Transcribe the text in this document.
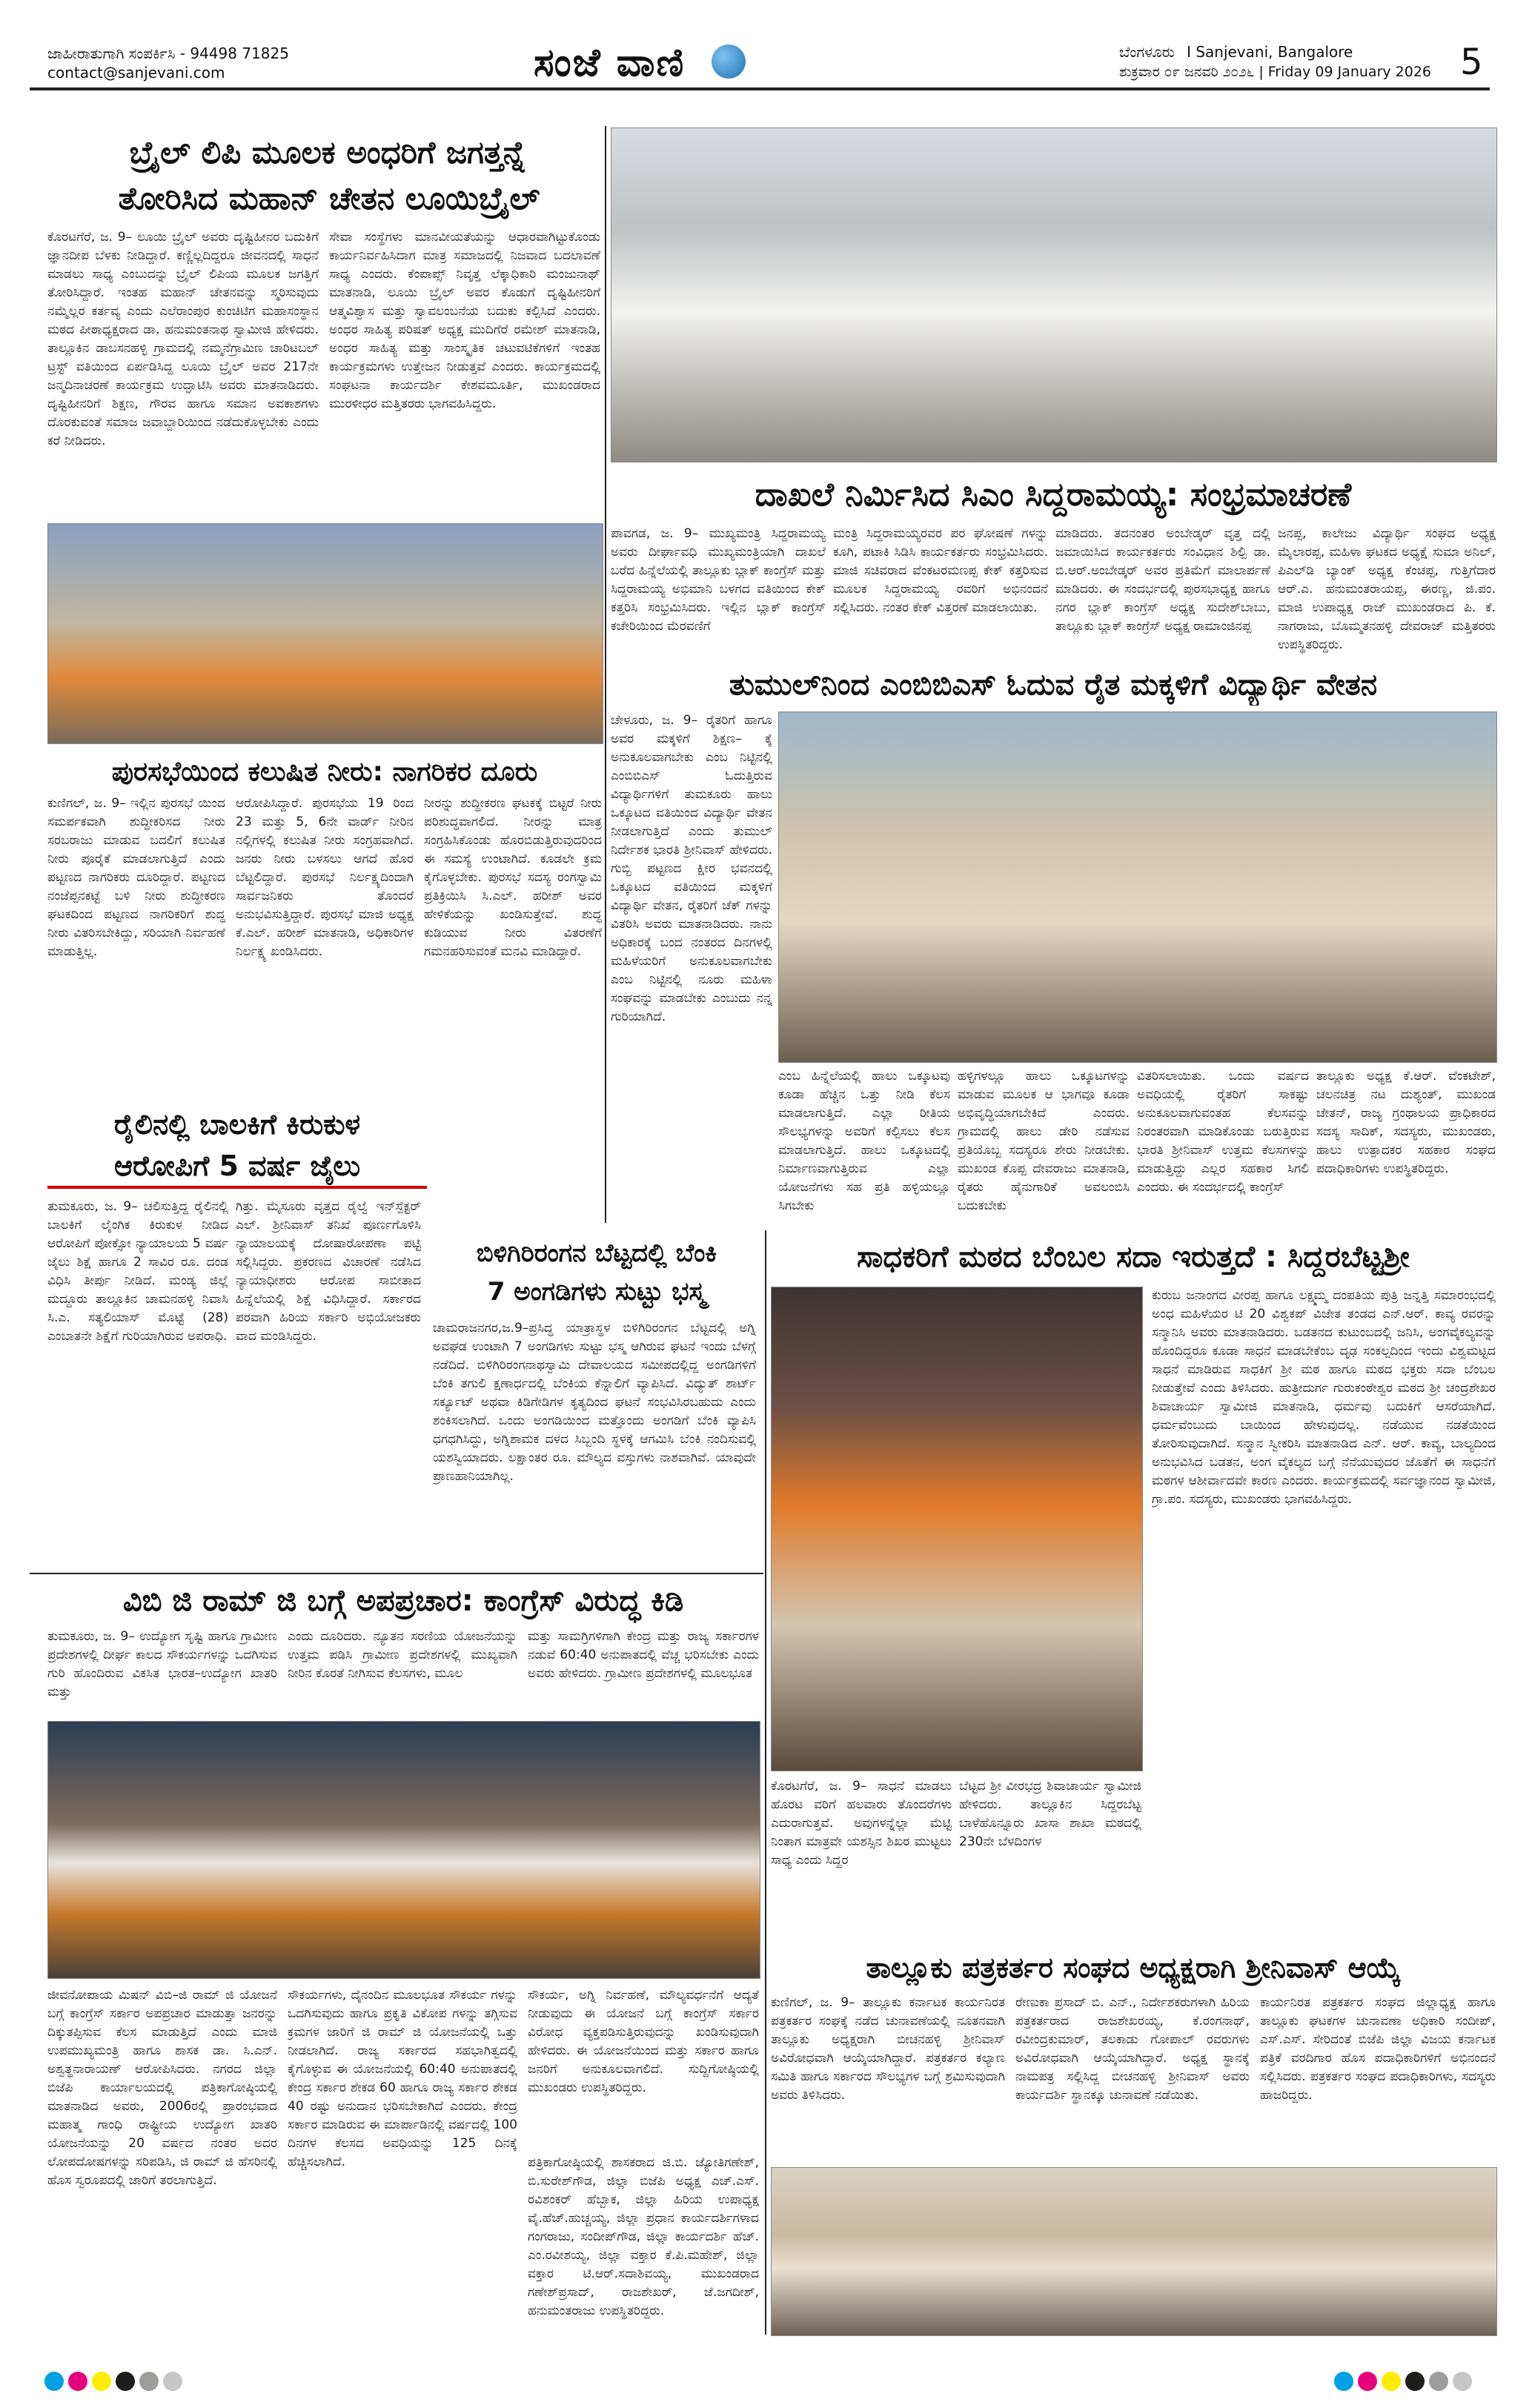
ಜಾಹೀರಾತುಗಾಗಿ ಸಂಪರ್ಕಿಸಿ - 94498 71825
contact@sanjevani.com	ಸಂಜೆ ವಾಣಿ	ಬೆಂಗಳೂರು I Sanjevani, Bangalore
ಶುಕ್ರವಾರ ೦೯ ಜನವರಿ ೨೦೨೬ | Friday 09 January 2026 5
ಬ್ರೈಲ್ ಲಿಪಿ ಮೂಲಕ ಅಂಧರಿಗೆ ಜಗತ್ತನ್ನೆ
ತೋರಿಸಿದ ಮಹಾನ್ ಚೇತನ ಲೂಯಿಬ್ರೈಲ್
ಕೊರಟಗೆರೆ, ಜ. 9– ಲೂಯಿ ಬ್ರೈಲ್ ಅವರು ದೃಷ್ಟಿಹೀನರ ಬದುಕಿಗೆ ಜ್ಞಾನದೀಪ ಬೆಳಕು ನೀಡಿದ್ದಾರೆ. ಕಣ್ಣಿಲ್ಲದಿದ್ದರೂ ಜೀವನದಲ್ಲಿ ಸಾಧನೆ ಮಾಡಲು ಸಾಧ್ಯ ಎಂಬುದನ್ನು ಬ್ರೈಲ್ ಲಿಪಿಯ ಮೂಲಕ ಜಗತ್ತಿಗೆ ತೋರಿಸಿದ್ದಾರೆ. ಇಂತಹ ಮಹಾನ್ ಚೇತನವನ್ನು ಸ್ಮರಿಸುವುದು ನಮ್ಮೆಲ್ಲರ ಕರ್ತವ್ಯ ಎಂದು ಎಲೆರಾಂಪುರ ಕುಂಚಿಟಿಗ ಮಹಾಸಂಸ್ಥಾನ ಮಠದ ಪೀಠಾಧ್ಯಕ್ಷರಾದ ಡಾ. ಹನುಮಂತನಾಥ ಸ್ವಾಮೀಜಿ ಹೇಳಿದರು. ತಾಲ್ಲೂಕಿನ ಡಾಬಸನಹಳ್ಳಿ ಗ್ರಾಮದಲ್ಲಿ ನಮ್ಮನೆಗ್ರಾಮಿಣ ಚಾರಿಟಬಲ್ ಟ್ರಸ್ಟ್ ವತಿಯಿಂದ ಏರ್ಪಡಿಸಿದ್ದ ಲೂಯಿ ಬ್ರೈಲ್ ಅವರ 217ನೇ ಜನ್ಮದಿನಾಚರಣೆ ಕಾರ್ಯಕ್ರಮ ಉದ್ಘಾಟಿಸಿ ಅವರು ಮಾತನಾಡಿದರು. ದೃಷ್ಟಿಹೀನರಿಗೆ ಶಿಕ್ಷಣ, ಗೌರವ ಹಾಗೂ ಸಮಾನ ಅವಕಾಶಗಳು ದೊರಕುವಂತೆ ಸಮಾಜ ಜವಾಬ್ದಾರಿಯಿಂದ ನಡೆದುಕೊಳ್ಳಬೇಕು ಎಂದು ಕರೆ ನೀಡಿದರು.
ಸೇವಾ ಸಂಸ್ಥೆಗಳು ಮಾನವೀಯತೆಯನ್ನು ಆಧಾರವಾಗಿಟ್ಟುಕೊಂಡು ಕಾರ್ಯನಿರ್ವಹಿಸಿದಾಗ ಮಾತ್ರ ಸಮಾಜದಲ್ಲಿ ನಿಜವಾದ ಬದಲಾವಣೆ ಸಾಧ್ಯ ಎಂದರು. ಕೆಂಪಾಪ್ಸ್ ನಿವೃತ್ತ ಲೆಕ್ಕಾಧಿಕಾರಿ ಮಂಜುನಾಥ್ ಮಾತನಾಡಿ, ಲೂಯಿ ಬ್ರೈಲ್ ಅವರ ಕೊಡುಗೆ ದೃಷ್ಟಿಹೀನರಿಗೆ ಆತ್ಮವಿಶ್ವಾಸ ಮತ್ತು ಸ್ವಾವಲಂಬನೆಯ ಬದುಕು ಕಲ್ಪಿಸಿದೆ ಎಂದರು. ಅಂಧರ ಸಾಹಿತ್ಯ ಪರಿಷತ್ ಅಧ್ಯಕ್ಷ ಮುದಿಗೆರೆ ರಮೇಶ್ ಮಾತನಾಡಿ, ಅಂಧರ ಸಾಹಿತ್ಯ ಮತ್ತು ಸಾಂಸ್ಕೃತಿಕ ಚಟುವಟಿಕೆಗಳಿಗೆ ಇಂತಹ ಕಾರ್ಯಕ್ರಮಗಳು ಉತ್ತೇಜನ ನೀಡುತ್ತವೆ ಎಂದರು. ಕಾರ್ಯಕ್ರಮದಲ್ಲಿ ಸಂಘಟನಾ ಕಾರ್ಯದರ್ಶಿ ಕೇಶವಮೂರ್ತಿ, ಮುಖಂಡರಾದ ಮುರಳೀಧರ ಮತ್ತಿತರರು ಭಾಗವಹಿಸಿದ್ದರು.
ದಾಖಲೆ ನಿರ್ಮಿಸಿದ ಸಿಎಂ ಸಿದ್ದರಾಮಯ್ಯ: ಸಂಭ್ರಮಾಚರಣೆ
ಪಾವಗಡ, ಜ. 9– ಮುಖ್ಯಮಂತ್ರಿ ಸಿದ್ದರಾಮಯ್ಯ ಅವರು ದೀರ್ಘಾವಧಿ ಮುಖ್ಯಮಂತ್ರಿಯಾಗಿ ದಾಖಲೆ ಬರೆದ ಹಿನ್ನೆಲೆಯಲ್ಲಿ ತಾಲ್ಲೂಕು ಬ್ಲಾಕ್ ಕಾಂಗ್ರೆಸ್ ಮತ್ತು ಸಿದ್ದರಾಮಯ್ಯ ಅಭಿಮಾನಿ ಬಳಗದ ವತಿಯಿಂದ ಕೇಕ್ ಕತ್ತರಿಸಿ ಸಂಭ್ರಮಿಸಿದರು. ಇಲ್ಲಿನ ಬ್ಲಾಕ್ ಕಾಂಗ್ರೆಸ್ ಕಚೇರಿಯಿಂದ ಮೆರವಣಿಗೆ
ಮಂತ್ರಿ ಸಿದ್ದರಾಮಯ್ಯರವರ ಪರ ಘೋಷಣೆ ಗಳನ್ನು ಕೂಗಿ, ಪಟಾಕಿ ಸಿಡಿಸಿ ಕಾರ್ಯಕರ್ತರು ಸಂಭ್ರಮಿಸಿದರು. ಮಾಜಿ ಸಚಿವರಾದ ವೆಂಕಟರಮಣಪ್ಪ ಕೇಕ್ ಕತ್ತರಿಸುವ ಮೂಲಕ ಸಿದ್ದರಾಮಯ್ಯ ರವರಿಗೆ ಅಭಿನಂದನೆ ಸಲ್ಲಿಸಿದರು. ನಂತರ ಕೇಕ್ ವಿತ್ತರಣೆ ಮಾಡಲಾಯಿತು.
ಮಾಡಿದರು. ತದನಂತರ ಅಂಬೇಡ್ಕರ್ ವೃತ್ತ ದಲ್ಲಿ ಜಮಾಯಿಸಿದ ಕಾರ್ಯಕರ್ತರು ಸಂವಿಧಾನ ಶಿಲ್ಪಿ ಡಾ. ಬಿ.ಆರ್.ಅಂಬೇಡ್ಕರ್ ಅವರ ಪ್ರತಿಮೆಗೆ ಮಾಲಾರ್ಪಣೆ ಮಾಡಿದರು. ಈ ಸಂದರ್ಭದಲ್ಲಿ ಪುರಸಭಾಧ್ಯಕ್ಷ ಹಾಗೂ ನಗರ ಬ್ಲಾಕ್ ಕಾಂಗ್ರೆಸ್ ಅಧ್ಯಕ್ಷ ಸುದೇಶ್‌ಬಾಬು, ತಾಲ್ಲೂಕು ಬ್ಲಾಕ್ ಕಾಂಗ್ರೆಸ್ ಅಧ್ಯಕ್ಷ ರಾಮಾಂಜಿನಪ್ಪ
ಜನಪ್ಪ, ಕಾಲೇಜು ವಿದ್ಯಾರ್ಥಿ ಸಂಘದ ಅಧ್ಯಕ್ಷ ಮೈಲಾರಪ್ಪ, ಮಹಿಳಾ ಘಟಕದ ಅಧ್ಯಕ್ಷೆ ಸುಮಾ ಅನಿಲ್, ಪಿಎಲ್‌ಡಿ ಬ್ಯಾಂಕ್ ಅಧ್ಯಕ್ಷ ಕೆಂಚಪ್ಪ, ಗುತ್ತಿಗೆದಾರ ಆರ್.ಎ. ಹನುಮಂತರಾಯಪ್ಪ, ಈರಣ್ಣ, ಜಿ.ಪಂ. ಮಾಜಿ ಉಪಾಧ್ಯಕ್ಷ ರಾಜ್ ಮುಖಂಡರಾದ ಪಿ. ಕೆ. ನಾಗರಾಜು, ಬೊಮ್ಮತನಹಳ್ಳಿ ದೇವರಾಜ್ ಮತ್ತಿತರರು ಉಪಸ್ಥಿತರಿದ್ದರು.
ತುಮುಲ್‌ನಿಂದ ಎಂಬಿಬಿಎಸ್ ಓದುವ ರೈತ ಮಕ್ಕಳಿಗೆ ವಿದ್ಯಾರ್ಥಿ ವೇತನ
ಚೇಳೂರು, ಜ. 9– ರೈತರಿಗೆ ಹಾಗೂ ಅವರ ಮಕ್ಕಳಿಗೆ ಶಿಕ್ಷಣ– ಕ್ಕೆ ಅನುಕೂಲವಾಗಬೇಕು ಎಂಬ ನಿಟ್ಟಿನಲ್ಲಿ ಎಂಬಿಬಿಎಸ್ ಓದುತ್ತಿರುವ ವಿದ್ಯಾರ್ಥಿಗಳಿಗೆ ತುಮಕೂರು ಹಾಲು ಒಕ್ಕೂಟದ ವತಿಯಿಂದ ವಿದ್ಯಾರ್ಥಿ ವೇತನ ನೀಡಲಾಗುತ್ತಿದೆ ಎಂದು ತುಮುಲ್ ನಿರ್ದೇಶಕ ಭಾರತಿ ಶ್ರೀನಿವಾಸ್ ಹೇಳಿದರು. ಗುಬ್ಬಿ ಪಟ್ಟಣದ ಕ್ಷೀರ ಭವನದಲ್ಲಿ ಒಕ್ಕೂಟದ ವತಿಯಿಂದ ಮಕ್ಕಳಿಗೆ ವಿದ್ಯಾರ್ಥಿ ವೇತನ, ರೈತರಿಗೆ ಚೆಕ್ ಗಳನ್ನು ವಿತರಿಸಿ ಅವರು ಮಾತನಾಡಿದರು. ನಾನು ಅಧಿಕಾರಕ್ಕೆ ಬಂದ ನಂತರದ ದಿನಗಳಲ್ಲಿ ಮಹಿಳೆಯರಿಗೆ ಅನುಕೂಲವಾಗಬೇಕು ಎಂಬ ನಿಟ್ಟಿನಲ್ಲಿ ನೂರು ಮಹಿಳಾ ಸಂಘವನ್ನು ಮಾಡಬೇಕು ಎಂಬುದು ನನ್ನ ಗುರಿಯಾಗಿದೆ.
ಎಂಬ ಹಿನ್ನೆಲೆಯಲ್ಲಿ ಹಾಲು ಒಕ್ಕೂಟವು ಕೂಡಾ ಹೆಚ್ಚಿನ ಒತ್ತು ನೀಡಿ ಕೆಲಸ ಮಾಡಲಾಗುತ್ತಿದೆ. ಎಲ್ಲಾ ರೀತಿಯ ಸೌಲಭ್ಯಗಳನ್ನು ಅವರಿಗೆ ಕಲ್ಪಿಸಲು ಕೆಲಸ ಮಾಡಲಾಗುತ್ತಿದೆ. ಹಾಲು ಒಕ್ಕೂಟದಲ್ಲಿ ನಿರ್ಮಾಣವಾಗುತ್ತಿರುವ ಎಲ್ಲಾ ಯೋಜನೆಗಳು ಸಹ ಪ್ರತಿ ಹಳ್ಳಿಯಲ್ಲೂ ಸಿಗಬೇಕು
ಹಳ್ಳಿಗಳಲ್ಲೂ ಹಾಲು ಒಕ್ಕೂಟಗಳನ್ನು ಮಾಡುವ ಮೂಲಕ ಆ ಭಾಗವೂ ಕೂಡಾ ಅಭಿವೃದ್ಧಿಯಾಗಬೇಕಿದೆ ಎಂದರು. ಗ್ರಾಮದಲ್ಲಿ ಹಾಲು ಡೇರಿ ನಡೆಸುವ ಪ್ರತಿಯೊಬ್ಬ ಸದಸ್ಯರೂ ಶೇರು ನೀಡಬೇಕು. ಮುಖಂಡ ಕೊಪ್ಪ ದೇವರಾಜು ಮಾತನಾಡಿ, ರೈತರು ಹೈನುಗಾರಿಕೆ ಅವಲಂಬಿಸಿ ಬದುಕಬೇಕು
ವಿತರಿಸಲಾಯಿತು. ಒಂದು ವರ್ಷದ ಅವಧಿಯಲ್ಲಿ ರೈತರಿಗೆ ಸಾಕಷ್ಟು ಅನುಕೂಲವಾಗುವಂತಹ ಕೆಲಸವನ್ನು ನಿರಂತರವಾಗಿ ಮಾಡಿಕೊಂಡು ಬರುತ್ತಿರುವ ಭಾರತಿ ಶ್ರೀನಿವಾಸ್ ಉತ್ತಮ ಕೆಲಸಗಳನ್ನು ಮಾಡುತ್ತಿದ್ದು ಎಲ್ಲರ ಸಹಕಾರ ಸಿಗಲಿ ಎಂದರು. ಈ ಸಂದರ್ಭದಲ್ಲಿ ಕಾಂಗ್ರೆಸ್
ತಾಲ್ಲೂಕು ಅಧ್ಯಕ್ಷ ಕೆ.ಆರ್. ವೆಂಕಟೇಶ್, ಚಲನಚಿತ್ರ ನಟ ದುಶ್ಯಂತ್, ಮುಖಂಡ ಚೇತನ್, ರಾಜ್ಯ ಗ್ರಂಥಾಲಯ ಪ್ರಾಧಿಕಾರದ ಸದಸ್ಯ ಸಾದಿಕ್, ಸದಸ್ಯರು, ಮುಖಂಡರು, ಹಾಲು ಉತ್ಪಾದಕರ ಸಹಕಾರ ಸಂಘದ ಪದಾಧಿಕಾರಿಗಳು ಉಪಸ್ಥಿತರಿದ್ದರು.
ಪುರಸಭೆಯಿಂದ ಕಲುಷಿತ ನೀರು: ನಾಗರಿಕರ ದೂರು
ಕುಣಿಗಲ್, ಜ. 9– ಇಲ್ಲಿನ ಪುರಸಭೆ ಯಿಂದ ಸಮರ್ಪಕವಾಗಿ ಶುದ್ಧೀಕರಿಸದ ನೀರು ಸರಬರಾಜು ಮಾಡುವ ಬದಲಿಗೆ ಕಲುಷಿತ ನೀರು ಪೂರೈಕೆ ಮಾಡಲಾಗುತ್ತಿದೆ ಎಂದು ಪಟ್ಟಣದ ನಾಗರಿಕರು ದೂರಿದ್ದಾರೆ. ಪಟ್ಟಣದ ನಂಜೆಪ್ಪನಕಟ್ಟೆ ಬಳಿ ನೀರು ಶುದ್ಧೀಕರಣ ಘಟಕದಿಂದ ಪಟ್ಟಣದ ನಾಗರಿಕರಿಗೆ ಶುದ್ಧ ನೀರು ವಿತರಿಸಬೇಕಿದ್ದು, ಸರಿಯಾಗಿ ನಿರ್ವಹಣೆ ಮಾಡುತ್ತಿಲ್ಲ.
ಆರೋಪಿಸಿದ್ದಾರೆ. ಪುರಸಭೆಯ 19 ರಿಂದ 23 ಮತ್ತು 5, 6ನೇ ವಾರ್ಡ್ ನೀರಿನ ನಲ್ಲಿಗಳಲ್ಲಿ ಕಲುಷಿತ ನೀರು ಸಂಗ್ರಹವಾಗಿದೆ. ಜನರು ನೀರು ಬಳಸಲು ಆಗದೆ ಹೊರ ಬೆಟ್ಟಲಿದ್ದಾರೆ. ಪುರಸಭೆ ನಿರ್ಲಕ್ಷ್ಯದಿಂದಾಗಿ ಸಾರ್ವಜನಿಕರು ತೊಂದರೆ ಅನುಭವಿಸುತ್ತಿದ್ದಾರೆ. ಪುರಸಭೆ ಮಾಜಿ ಅಧ್ಯಕ್ಷ ಕೆ.ಎಲ್. ಹರೀಶ್ ಮಾತನಾಡಿ, ಅಧಿಕಾರಿಗಳ ನಿರ್ಲಕ್ಷ್ಯ ಖಂಡಿಸಿದರು.
ನೀರನ್ನು ಶುದ್ಧೀಕರಣ ಘಟಕಕ್ಕೆ ಬಿಟ್ಟರೆ ನೀರು ಪರಿಶುದ್ಧವಾಗಲಿದೆ. ನೀರನ್ನು ಮಾತ್ರ ಸಂಗ್ರಹಿಸಿಕೊಂಡು ಹೊರಬಿಡುತ್ತಿರುವುದರಿಂದ ಈ ಸಮಸ್ಯೆ ಉಂಟಾಗಿದೆ. ಕೂಡಲೇ ಕ್ರಮ ಕೈಗೊಳ್ಳಬೇಕು. ಪುರಸಭೆ ಸದಸ್ಯ ರಂಗಸ್ವಾಮಿ ಪ್ರತಿಕ್ರಿಯಿಸಿ ಸಿ.ಎಲ್. ಹರೀಶ್ ಅವರ ಹೇಳಿಕೆಯನ್ನು ಖಂಡಿಸುತ್ತೇವೆ. ಶುದ್ಧ ಕುಡಿಯುವ ನೀರು ವಿತರಣೆಗೆ ಗಮನಹರಿಸುವಂತೆ ಮನವಿ ಮಾಡಿದ್ದಾರೆ.
ರೈಲಿನಲ್ಲಿ ಬಾಲಕಿಗೆ ಕಿರುಕುಳ
ಆರೋಪಿಗೆ 5 ವರ್ಷ ಜೈಲು
ತುಮಕೂರು, ಜ. 9– ಚಲಿಸುತ್ತಿದ್ದ ರೈಲಿನಲ್ಲಿ ಬಾಲಕಿಗೆ ಲೈಂಗಿಕ ಕಿರುಕುಳ ನೀಡಿದ ಆರೋಪಿಗೆ ಪೋಕ್ಸೋ ನ್ಯಾಯಾಲಯ 5 ವರ್ಷ ಜೈಲು ಶಿಕ್ಷೆ ಹಾಗೂ 2 ಸಾವಿರ ರೂ. ದಂಡ ವಿಧಿಸಿ ತೀರ್ಪು ನೀಡಿದೆ. ಮಂಡ್ಯ ಜಿಲ್ಲೆ ಮದ್ದೂರು ತಾಲ್ಲೂಕಿನ ಚಾಮನಹಳ್ಳಿ ನಿವಾಸಿ ಸಿ.ಎ. ಸತ್ಯಲಿಯಾಸ್ ಮೊಟ್ಟೆ (28) ಎಂಬಾತನೇ ಶಿಕ್ಷೆಗೆ ಗುರಿಯಾಗಿರುವ ಅಪರಾಧಿ.
ಗಿತ್ತು. ಮೈಸೂರು ವೃತ್ತದ ರೈಲ್ವೆ ಇನ್‌ಸ್ಪೆಕ್ಟರ್ ಎಲ್. ಶ್ರೀನಿವಾಸ್ ತನಿಖೆ ಪೂರ್ಣಗೊಳಿಸಿ ನ್ಯಾಯಾಲಯಕ್ಕೆ ದೋಷಾರೋಪಣಾ ಪಟ್ಟಿ ಸಲ್ಲಿಸಿದ್ದರು. ಪ್ರಕರಣದ ವಿಚಾರಣೆ ನಡೆಸಿದ ನ್ಯಾಯಾಧೀಶರು ಆರೋಪ ಸಾಬೀತಾದ ಹಿನ್ನೆಲೆಯಲ್ಲಿ ಶಿಕ್ಷೆ ವಿಧಿಸಿದ್ದಾರೆ. ಸರ್ಕಾರದ ಪರವಾಗಿ ಹಿರಿಯ ಸರ್ಕಾರಿ ಅಭಿಯೋಜಕರು ವಾದ ಮಂಡಿಸಿದ್ದರು.
ಬಿಳಿಗಿರಿರಂಗನ ಬೆಟ್ಟದಲ್ಲಿ ಬೆಂಕಿ
7 ಅಂಗಡಿಗಳು ಸುಟ್ಟು ಭಸ್ಮ
ಚಾಮರಾಜನಗರ,ಜ.9–ಪ್ರಸಿದ್ಧ ಯಾತ್ರಾಸ್ಥಳ ಬಿಳಿಗಿರಿರಂಗನ ಬೆಟ್ಟದಲ್ಲಿ ಅಗ್ನಿ ಅವಘಡ ಉಂಟಾಗಿ 7 ಅಂಗಡಿಗಳು ಸುಟ್ಟು ಭಸ್ಮ ಆಗಿರುವ ಘಟನೆ ಇಂದು ಬೆಳಗ್ಗೆ ನಡೆದಿದೆ. ಬಿಳಿಗಿರಿರಂಗನಾಥಸ್ವಾಮಿ ದೇವಾಲಯದ ಸಮೀಪದಲ್ಲಿದ್ದ ಅಂಗಡಿಗಳಿಗೆ ಬೆಂಕಿ ತಗುಲಿ ಕ್ಷಣಾರ್ಧದಲ್ಲಿ ಬೆಂಕಿಯ ಕೆನ್ನಾಲಿಗೆ ವ್ಯಾಪಿಸಿದೆ. ವಿದ್ಯುತ್ ಶಾರ್ಟ್ ಸರ್ಕ್ಯೂಟ್ ಅಥವಾ ಕಿಡಿಗೇಡಿಗಳ ಕೃತ್ಯದಿಂದ ಘಟನೆ ಸಂಭವಿಸಿರಬಹುದು ಎಂದು ಶಂಕಿಸಲಾಗಿದೆ. ಒಂದು ಅಂಗಡಿಯಿಂದ ಮತ್ತೊಂದು ಅಂಗಡಿಗೆ ಬೆಂಕಿ ವ್ಯಾಪಿಸಿ ಧಗಧಗಿಸಿದ್ದು, ಅಗ್ನಿಶಾಮಕ ದಳದ ಸಿಬ್ಬಂದಿ ಸ್ಥಳಕ್ಕೆ ಆಗಮಿಸಿ ಬೆಂಕಿ ನಂದಿಸುವಲ್ಲಿ ಯಶಸ್ವಿಯಾದರು. ಲಕ್ಷಾಂತರ ರೂ. ಮೌಲ್ಯದ ವಸ್ತುಗಳು ನಾಶವಾಗಿವೆ. ಯಾವುದೇ ಪ್ರಾಣಹಾನಿಯಾಗಿಲ್ಲ.
ಸಾಧಕರಿಗೆ ಮಠದ ಬೆಂಬಲ ಸದಾ ಇರುತ್ತದೆ : ಸಿದ್ದರಬೆಟ್ಟಶ್ರೀ
ಕುರುಬ ಜನಾಂಗದ ವೀರಪ್ಪ ಹಾಗೂ ಲಕ್ಷ್ಮಮ್ಮ ದಂಪತಿಯ ಪುತ್ರಿ ಜನ್ನತ್ತಿ ಸಮಾರಂಭದಲ್ಲಿ ಅಂಧ ಮಹಿಳೆಯರ ಟಿ 20 ವಿಶ್ವಕಪ್ ವಿಜೇತ ತಂಡದ ಎನ್.ಆರ್. ಕಾವ್ಯ ರವರನ್ನು ಸನ್ಮಾನಿಸಿ ಅವರು ಮಾತನಾಡಿದರು. ಬಡತನದ ಕುಟುಂಬದಲ್ಲಿ ಜನಿಸಿ, ಅಂಗವೈಕಲ್ಯವನ್ನು ಹೊಂದಿದ್ದರೂ ಕೂಡಾ ಸಾಧನೆ ಮಾಡಬೇಕೆಂಬ ದೃಢ ಸಂಕಲ್ಪದಿಂದ ಇಂದು ವಿಶ್ವಮಟ್ಟದ ಸಾಧನೆ ಮಾಡಿರುವ ಸಾಧಕಿಗೆ ಶ್ರೀ ಮಠ ಹಾಗೂ ಮಠದ ಭಕ್ತರು ಸದಾ ಬೆಂಬಲ ನೀಡುತ್ತೇವೆ ಎಂದು ತಿಳಿಸಿದರು. ಹುತ್ರೀದುರ್ಗ ಗುರುಕಂಠೇಶ್ವರ ಮಠದ ಶ್ರೀ ಚಂದ್ರಶೇಖರ ಶಿವಾಚಾರ್ಯ ಸ್ವಾಮೀಜಿ ಮಾತನಾಡಿ, ಧರ್ಮವು ಬದುಕಿಗೆ ಆಸರೆಯಾಗಿದೆ. ಧರ್ಮವೆಂಬುದು ಬಾಯಿಂದ ಹೇಳುವುದಲ್ಲ. ನಡೆಯುವ ನಡತೆಯಿಂದ ತೋರಿಸುವುದಾಗಿದೆ. ಸನ್ಮಾನ ಸ್ವೀಕರಿಸಿ ಮಾತನಾಡಿದ ಎನ್. ಆರ್. ಕಾವ್ಯ, ಬಾಲ್ಯದಿಂದ ಅನುಭವಿಸಿದ ಬಡತನ, ಅಂಗ ವೈಕಲ್ಯದ ಬಗ್ಗೆ ನೆನೆಯುವುದರ ಜೊತೆಗೆ ಈ ಸಾಧನೆಗೆ ಮಠಗಳ ಆಶೀರ್ವಾದವೇ ಕಾರಣ ಎಂದರು. ಕಾರ್ಯಕ್ರಮದಲ್ಲಿ ಸರ್ವಜ್ಞಾನಂದ ಸ್ವಾಮೀಜಿ, ಗ್ರಾ.ಪಂ. ಸದಸ್ಯರು, ಮುಖಂಡರು ಭಾಗವಹಿಸಿದ್ದರು.
ಕೊರಟಗೆರೆ, ಜ. 9– ಸಾಧನೆ ಮಾಡಲು ಹೊರಟ ವರಿಗೆ ಹಲವಾರು ತೊಂದರೆಗಳು ಎದುರಾಗುತ್ತವೆ. ಅವುಗಳನ್ನೆಲ್ಲಾ ಮೆಟ್ಟಿ ನಿಂತಾಗ ಮಾತ್ರವೇ ಯಶಸ್ಸಿನ ಶಿಖರ ಮುಟ್ಟಲು ಸಾಧ್ಯ ಎಂದು ಸಿದ್ದರ
ಬೆಟ್ಟದ ಶ್ರೀ ವೀರಭದ್ರ ಶಿವಾಚಾರ್ಯ ಸ್ವಾಮೀಜಿ ಹೇಳಿದರು. ತಾಲ್ಲೂಕಿನ ಸಿದ್ದರಬೆಟ್ಟ ಬಾಳೆಹೊನ್ನೂರು ಖಾಸಾ ಶಾಖಾ ಮಠದಲ್ಲಿ 230ನೇ ಬೆಳದಿಂಗಳ
ವಿಬಿ ಜಿ ರಾಮ್ ಜಿ ಬಗ್ಗೆ ಅಪಪ್ರಚಾರ: ಕಾಂಗ್ರೆಸ್ ವಿರುದ್ಧ ಕಿಡಿ
ತುಮಕೂರು, ಜ. 9– ಉದ್ಯೋಗ ಸೃಷ್ಟಿ ಹಾಗೂ ಗ್ರಾಮೀಣ ಪ್ರದೇಶಗಳಲ್ಲಿ ದೀರ್ಘ ಕಾಲದ ಸೌಕರ್ಯಗಳನ್ನು ಒದಗಿಸುವ ಗುರಿ ಹೊಂದಿರುವ ವಿಕಸಿತ ಭಾರತ–ಉದ್ಯೋಗ ಖಾತರಿ ಮತ್ತು
ಎಂದು ದೂರಿದರು. ನ್ಯೂತನ ಸರಣಿಯ ಯೋಜನೆಯನ್ನು ಉತ್ತಮ ಪಡಿಸಿ ಗ್ರಾಮೀಣ ಪ್ರದೇಶಗಳಲ್ಲಿ ಮುಖ್ಯವಾಗಿ ನೀರಿನ ಕೊರತೆ ನೀಗಿಸುವ ಕೆಲಸಗಳು, ಮೂಲ
ಮತ್ತು ಸಾಮಗ್ರಿಗಳಿಗಾಗಿ ಕೇಂದ್ರ ಮತ್ತು ರಾಜ್ಯ ಸರ್ಕಾರಗಳ ನಡುವೆ 60:40 ಅನುಪಾತದಲ್ಲಿ ವೆಚ್ಚ ಭರಿಸಬೇಕು ಎಂದು ಅವರು ಹೇಳಿದರು. ಗ್ರಾಮೀಣ ಪ್ರದೇಶಗಳಲ್ಲಿ ಮೂಲಭೂತ
ಜೀವನೋಪಾಯ ಮಿಷನ್ ವಿಬಿ–ಜಿ ರಾಮ್ ಜಿ ಯೋಜನೆ ಬಗ್ಗೆ ಕಾಂಗ್ರೆಸ್ ಸರ್ಕಾರ ಅಪಪ್ರಚಾರ ಮಾಡುತ್ತಾ ಜನರನ್ನು ದಿಕ್ಕುತಪ್ಪಿಸುವ ಕೆಲಸ ಮಾಡುತ್ತಿದೆ ಎಂದು ಮಾಜಿ ಉಪಮುಖ್ಯಮಂತ್ರಿ ಹಾಗೂ ಶಾಸಕ ಡಾ. ಸಿ.ಎನ್. ಅಶ್ವತ್ಥನಾರಾಯಣ್ ಆರೋಪಿಸಿದರು. ನಗರದ ಜಿಲ್ಲಾ ಬಿಜೆಪಿ ಕಾರ್ಯಾಲಯದಲ್ಲಿ ಪತ್ರಿಕಾಗೋಷ್ಠಿಯಲ್ಲಿ ಮಾತನಾಡಿದ ಅವರು, 2006ರಲ್ಲಿ ಪ್ರಾರಂಭವಾದ ಮಹಾತ್ಮ ಗಾಂಧಿ ರಾಷ್ಟ್ರೀಯ ಉದ್ಯೋಗ ಖಾತರಿ ಯೋಜನೆಯನ್ನು 20 ವರ್ಷದ ನಂತರ ಅದರ ಲೋಪದೋಷಗಳನ್ನು ಸರಿಪಡಿಸಿ, ಜಿ ರಾಮ್ ಜಿ ಹೆಸರಿನಲ್ಲಿ ಹೊಸ ಸ್ವರೂಪದಲ್ಲಿ ಜಾರಿಗೆ ತರಲಾಗುತ್ತಿದೆ.
ಸೌಕರ್ಯಗಳು, ದೈನಂದಿನ ಮೂಲಭೂತ ಸೌಕರ್ಯ ಗಳನ್ನು ಒದಗಿಸುವುದು ಹಾಗೂ ಪ್ರಕೃತಿ ವಿಕೋಪ ಗಳನ್ನು ತಗ್ಗಿಸುವ ಕ್ರಮಗಳ ಜಾರಿಗೆ ಜಿ ರಾಮ್ ಜಿ ಯೋಜನೆಯಲ್ಲಿ ಒತ್ತು ನೀಡಲಾಗಿದೆ. ರಾಜ್ಯ ಸರ್ಕಾರದ ಸಹಭಾಗಿತ್ವದಲ್ಲಿ ಕೈಗೊಳ್ಳುವ ಈ ಯೋಜನೆಯಲ್ಲಿ 60:40 ಅನುಪಾತದಲ್ಲಿ ಕೇಂದ್ರ ಸರ್ಕಾರ ಶೇಕಡ 60 ಹಾಗೂ ರಾಜ್ಯ ಸರ್ಕಾರ ಶೇಕಡ 40 ರಷ್ಟು ಅನುದಾನ ಭರಿಸಬೇಕಾಗಿದೆ ಎಂದರು. ಕೇಂದ್ರ ಸರ್ಕಾರ ಮಾಡಿರುವ ಈ ಮಾರ್ಪಾಡಿನಲ್ಲಿ ವರ್ಷದಲ್ಲಿ 100 ದಿನಗಳ ಕೆಲಸದ ಅವಧಿಯನ್ನು 125 ದಿನಕ್ಕೆ ಹೆಚ್ಚಿಸಲಾಗಿದೆ.
ಸೌಕರ್ಯ, ಅಗ್ನಿ ನಿರ್ವಹಣೆ, ಮೌಲ್ಯವರ್ಧನೆಗೆ ಆದ್ಯತೆ ನೀಡುವುದು ಈ ಯೋಜನೆ ಬಗ್ಗೆ ಕಾಂಗ್ರೆಸ್ ಸರ್ಕಾರ ವಿರೋಧ ವ್ಯಕ್ತಪಡಿಸುತ್ತಿರುವುದನ್ನು ಖಂಡಿಸುವುದಾಗಿ ಹೇಳಿದರು. ಈ ಯೋಜನೆಯಿಂದ ಮತ್ತು ಸರ್ಕಾರ ಹಾಗೂ ಜನರಿಗೆ ಅನುಕೂಲವಾಗಲಿದೆ. ಸುದ್ದಿಗೋಷ್ಠಿಯಲ್ಲಿ ಮುಖಂಡರು ಉಪಸ್ಥಿತರಿದ್ದರು.
ಪತ್ರಿಕಾಗೋಷ್ಠಿಯಲ್ಲಿ ಶಾಸಕರಾದ ಜಿ.ಬಿ. ಜ್ಯೋತಿಗಣೇಶ್, ಬಿ.ಸುರೇಶ್‌ಗೌಡ, ಜಿಲ್ಲಾ ಬಿಜೆಪಿ ಅಧ್ಯಕ್ಷ ಎಚ್.ಎಸ್. ರವಿಶಂಕರ್ ಹೆಬ್ಬಾಕ, ಜಿಲ್ಲಾ ಹಿರಿಯ ಉಪಾಧ್ಯಕ್ಷ ವೈ.ಹೆಚ್.ಹುಚ್ಚಯ್ಯ, ಜಿಲ್ಲಾ ಪ್ರಧಾನ ಕಾರ್ಯದರ್ಶಿಗಳಾದ ಗಂಗರಾಜು, ಸಂದೀಪ್‌ಗೌಡ, ಜಿಲ್ಲಾ ಕಾರ್ಯದರ್ಶಿ ಹೆಚ್. ಎಂ.ರವೀಶಯ್ಯ, ಜಿಲ್ಲಾ ವಕ್ತಾರ ಕೆ.ಪಿ.ಮಹೇಶ್, ಜಿಲ್ಲಾ ವಕ್ತಾರ ಟಿ.ಆರ್.ಸದಾಶಿವಯ್ಯ, ಮುಖಂಡರಾದ ಗಣೇಶ್‌ಪ್ರಸಾದ್, ರಾಜಶೇಖರ್, ಜೆ.ಜಗದೀಶ್, ಹನುಮಂತರಾಜು ಉಪಸ್ಥಿತರಿದ್ದರು.
ತಾಲ್ಲೂಕು ಪತ್ರಕರ್ತರ ಸಂಘದ ಅಧ್ಯಕ್ಷರಾಗಿ ಶ್ರೀನಿವಾಸ್ ಆಯ್ಕೆ
ಕುಣಿಗಲ್, ಜ. 9– ತಾಲ್ಲೂಕು ಕರ್ನಾಟಕ ಕಾರ್ಯನಿರತ ಪತ್ರಕರ್ತರ ಸಂಘಕ್ಕೆ ನಡೆದ ಚುನಾವಣೆಯಲ್ಲಿ ನೂತನವಾಗಿ ತಾಲ್ಲೂಕು ಅಧ್ಯಕ್ಷರಾಗಿ ಬೀಚನಹಳ್ಳಿ ಶ್ರೀನಿವಾಸ್ ಅವಿರೋಧವಾಗಿ ಆಯ್ಕೆಯಾಗಿದ್ದಾರೆ. ಪತ್ರಕರ್ತರ ಕಲ್ಯಾಣ ಸಮಿತಿ ಹಾಗೂ ಸರ್ಕಾರದ ಸೌಲಭ್ಯಗಳ ಬಗ್ಗೆ ಶ್ರಮಿಸುವುದಾಗಿ ಅವರು ತಿಳಿಸಿದರು.
ರೇಣುಕಾ ಪ್ರಸಾದ್ ಬಿ. ಎನ್., ನಿರ್ದೇಶಕರುಗಳಾಗಿ ಹಿರಿಯ ಪತ್ರಕರ್ತರಾದ ರಾಜಶೇಖರಯ್ಯ, ಕೆ.ರಂಗನಾಥ್, ರವೀಂದ್ರಕುಮಾರ್, ತಲಕಾಡು ಗೋಪಾಲ್ ರವರುಗಳು ಅವಿರೋಧವಾಗಿ ಆಯ್ಕೆಯಾಗಿದ್ದಾರೆ. ಅಧ್ಯಕ್ಷ ಸ್ಥಾನಕ್ಕೆ ನಾಮಪತ್ರ ಸಲ್ಲಿಸಿದ್ದ ಬೀಚನಹಳ್ಳಿ ಶ್ರೀನಿವಾಸ್ ಅವರು ಕಾರ್ಯದರ್ಶಿ ಸ್ಥಾನಕ್ಕೂ ಚುನಾವಣೆ ನಡೆಯಿತು.
ಕಾರ್ಯನಿರತ ಪತ್ರಕರ್ತರ ಸಂಘದ ಜಿಲ್ಲಾಧ್ಯಕ್ಷ ಹಾಗೂ ತಾಲ್ಲೂಕು ಘಟಕಗಳ ಚುನಾವಣಾ ಅಧಿಕಾರಿ ಸಂದೀಪ್, ಎಸ್.ಎಸ್. ಸೇರಿದಂತೆ ಬಿಜೆಪಿ ಜಿಲ್ಲಾ ವಿಜಯ ಕರ್ನಾಟಕ ಪತ್ರಿಕೆ ವರದಿಗಾರ ಹೊಸ ಪದಾಧಿಕಾರಿಗಳಿಗೆ ಅಭಿನಂದನೆ ಸಲ್ಲಿಸಿದರು. ಪತ್ರಕರ್ತರ ಸಂಘದ ಪದಾಧಿಕಾರಿಗಳು, ಸದಸ್ಯರು ಹಾಜರಿದ್ದರು.
